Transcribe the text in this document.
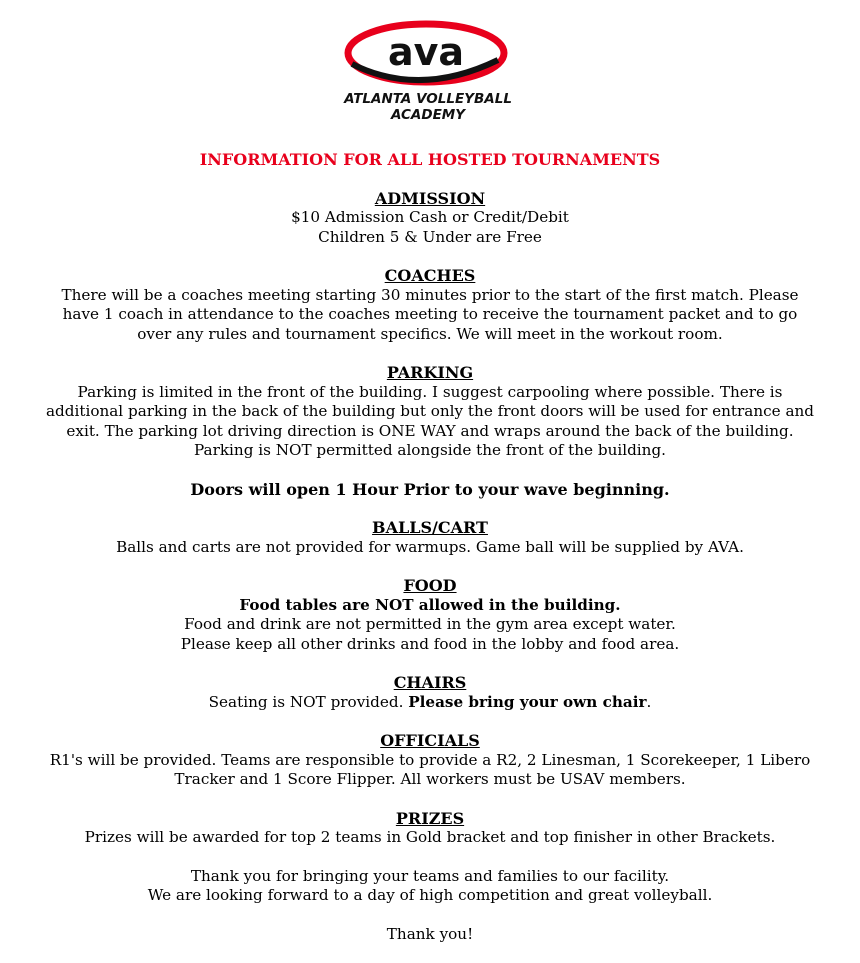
ava
ATLANTA VOLLEYBALL
ACADEMY
INFORMATION FOR ALL HOSTED TOURNAMENTS
ADMISSION

$10 Admission Cash or Credit/Debit

Children 5 & Under are Free

COACHES

There will be a coaches meeting starting 30 minutes prior to the start of the first match. Please have 1 coach in attendance to the coaches meeting to receive the tournament packet and to go over any rules and tournament specifics. We will meet in the workout room.

PARKING

Parking is limited in the front of the building. I suggest carpooling where possible. There is additional parking in the back of the building but only the front doors will be used for entrance and exit. The parking lot driving direction is ONE WAY and wraps around the back of the building. Parking is NOT permitted alongside the front of the building.

Doors will open 1 Hour Prior to your wave beginning.
BALLS/CART

Balls and carts are not provided for warmups. Game ball will be supplied by AVA.

FOOD

Food tables are NOT allowed in the building.

Food and drink are not permitted in the gym area except water.

Please keep all other drinks and food in the lobby and food area.

CHAIRS

Seating is NOT provided. Please bring your own chair.

OFFICIALS

R1's will be provided. Teams are responsible to provide a R2, 2 Linesman, 1 Scorekeeper, 1 Libero Tracker and 1 Score Flipper. All workers must be USAV members.

PRIZES

Prizes will be awarded for top 2 teams in Gold bracket and top finisher in other Brackets.

Thank you for bringing your teams and families to our facility.

We are looking forward to a day of high competition and great volleyball.

Thank you!
